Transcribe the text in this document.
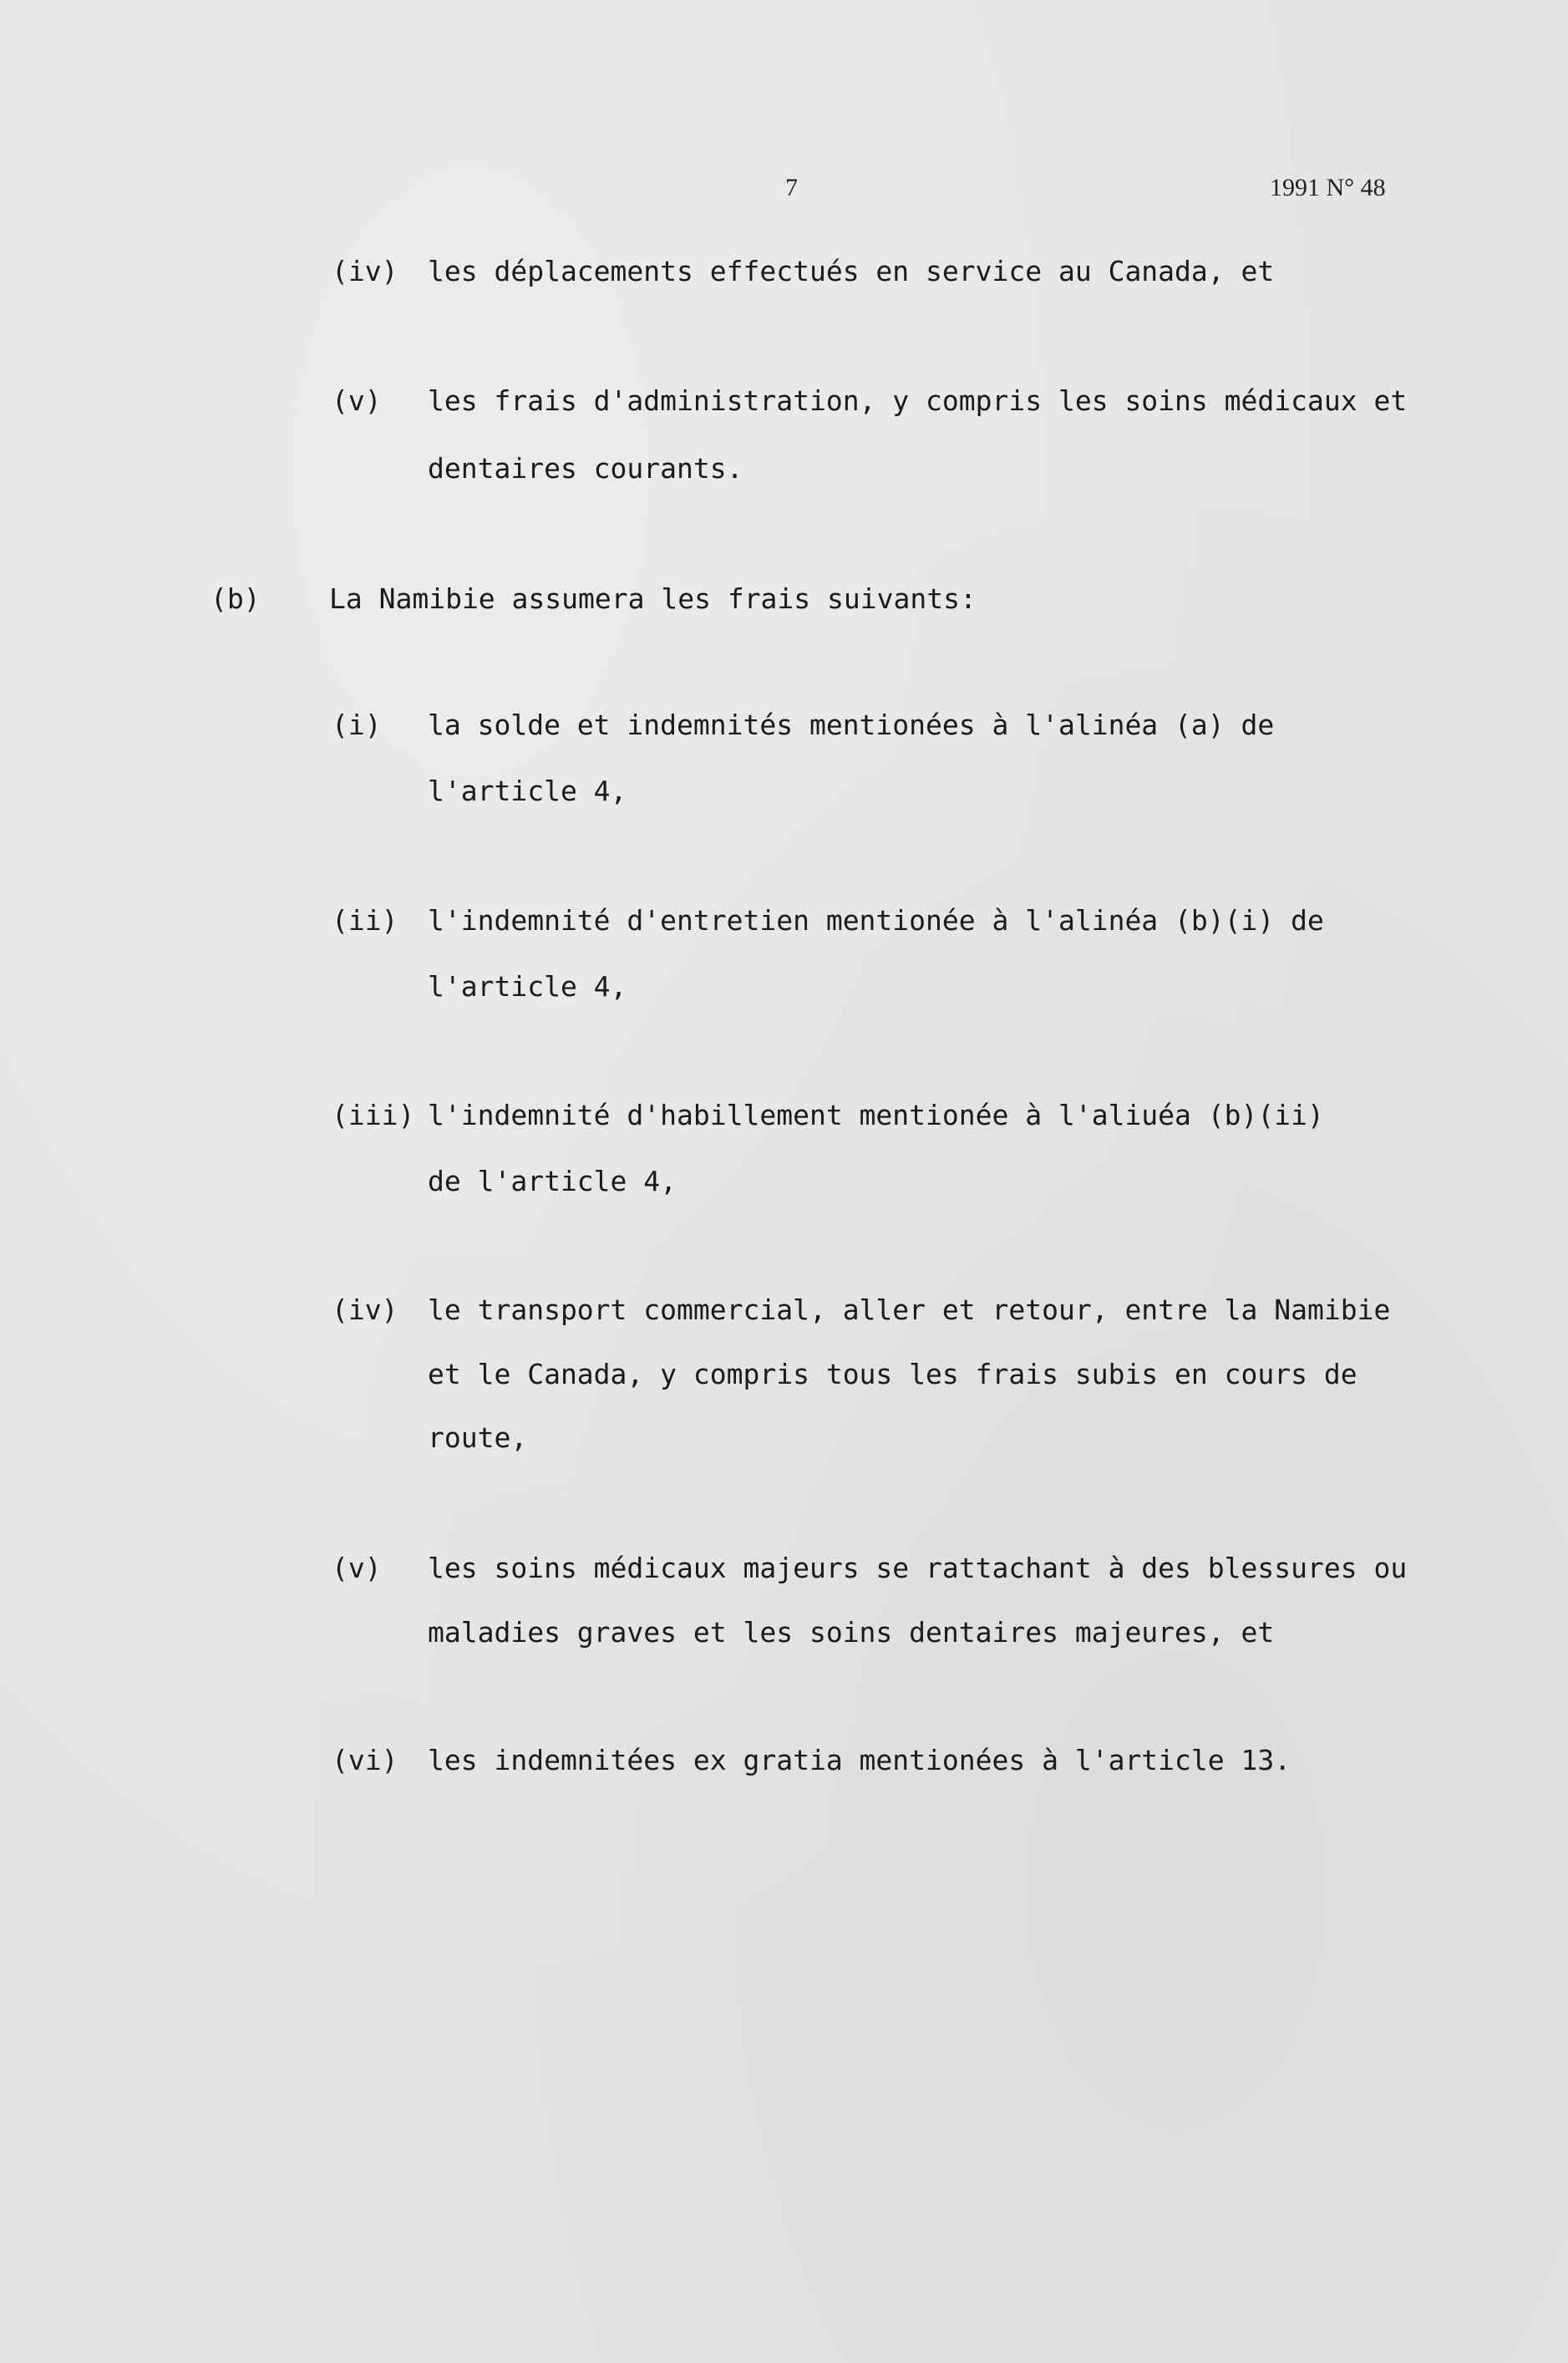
7	1991 N° 48
(iv) les déplacements effectués en service au Canada, et
(v) les frais d'administration, y compris les soins médicaux et
dentaires courants.
(b) La Namibie assumera les frais suivants:
(i) la solde et indemnités mentionées à l'alinéa (a) de
l'article 4,
(ii) l'indemnité d'entretien mentionée à l'alinéa (b)(i) de
l'article 4,
(iii) l'indemnité d'habillement mentionée à l'aliuéa (b)(ii)
de l'article 4,
(iv) le transport commercial, aller et retour, entre la Namibie
et le Canada, y compris tous les frais subis en cours de
route,
(v) les soins médicaux majeurs se rattachant à des blessures ou
maladies graves et les soins dentaires majeures, et
(vi) les indemnitées ex gratia mentionées à l'article 13.
